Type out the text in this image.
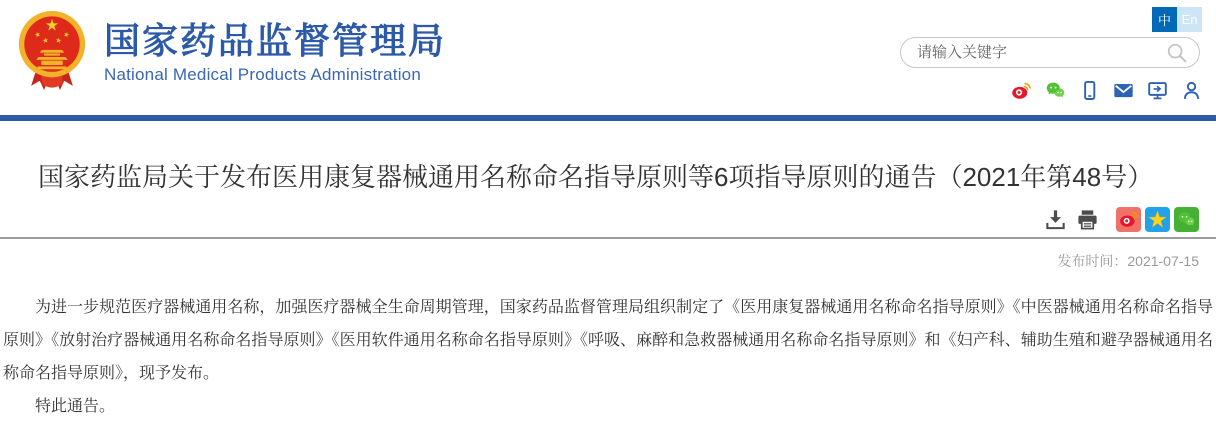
国家药品监督管理局
National Medical Products Administration
中 En
请输入关键字
国家药监局关于发布医用康复器械通用名称命名指导原则等6项指导原则的通告（2021年第48号）
发布时间：2021-07-15

为进一步规范医疗器械通用名称，加强医疗器械全生命周期管理，国家药品监督管理局组织制定了《医用康复器械通用名称命名指导原则》《中医器械通用名称命名指导原则》《放射治疗器械通用名称命名指导原则》《医用软件通用名称命名指导原则》《呼吸、麻醉和急救器械通用名称命名指导原则》和《妇产科、辅助生殖和避孕器械通用名称命名指导原则》，现予发布。

特此通告。
